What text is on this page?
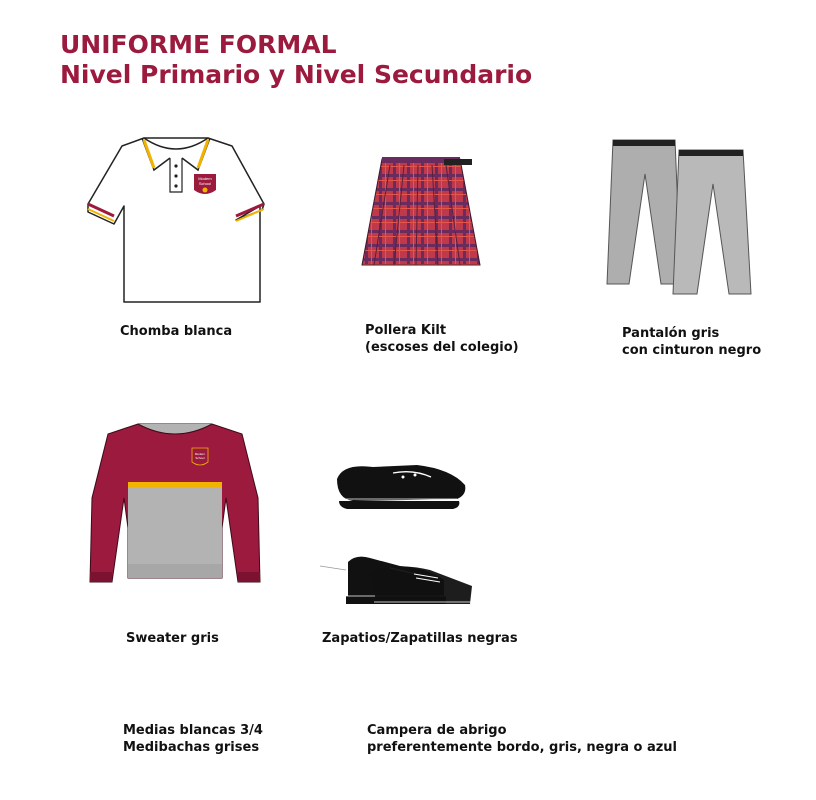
UNIFORME FORMAL
Nivel Primario y Nivel Secundario
Modern
School
Chomba blanca	Pollera Kilt
(escoses del colegio)
Pantalón gris
con cinturon negro
Modern
School
Sweater gris	Zapatios/Zapatillas negras
Medias blancas 3/4
Medibachas grises
Campera de abrigo
preferentemente bordo, gris, negra o azul
